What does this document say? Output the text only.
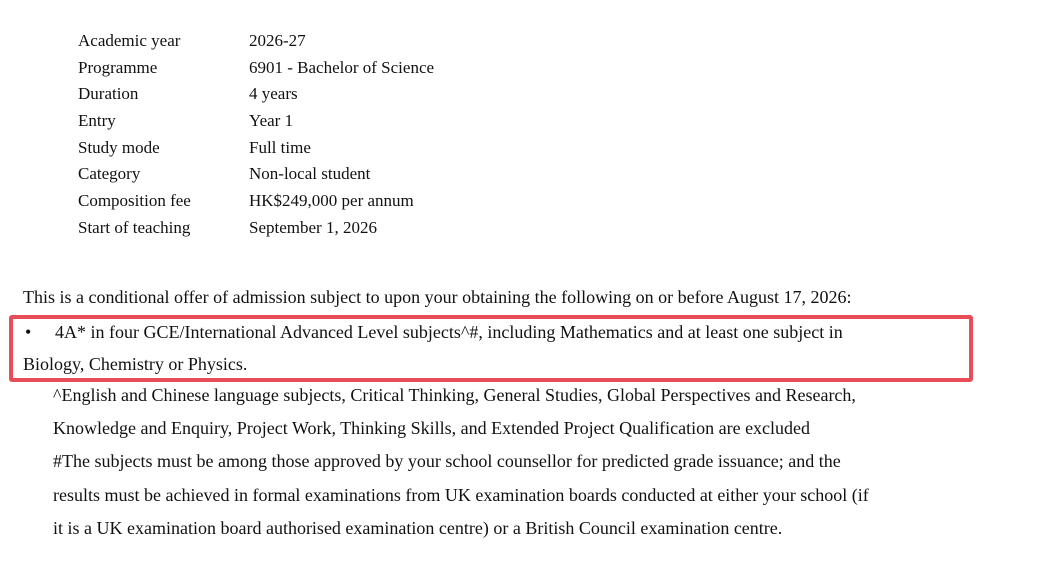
Academic year	2026-27
Programme	6901 - Bachelor of Science
Duration	4 years
Entry	Year 1
Study mode	Full time
Category	Non-local student
Composition fee	HK$249,000 per annum
Start of teaching	September 1, 2026
This is a conditional offer of admission subject to upon your obtaining the following on or before August 17, 2026:
• 4A* in four GCE/International Advanced Level subjects^#, including Mathematics and at least one subject in
Biology, Chemistry or Physics.
^English and Chinese language subjects, Critical Thinking, General Studies, Global Perspectives and Research,
Knowledge and Enquiry, Project Work, Thinking Skills, and Extended Project Qualification are excluded
#The subjects must be among those approved by your school counsellor for predicted grade issuance; and the
results must be achieved in formal examinations from UK examination boards conducted at either your school (if
it is a UK examination board authorised examination centre) or a British Council examination centre.
